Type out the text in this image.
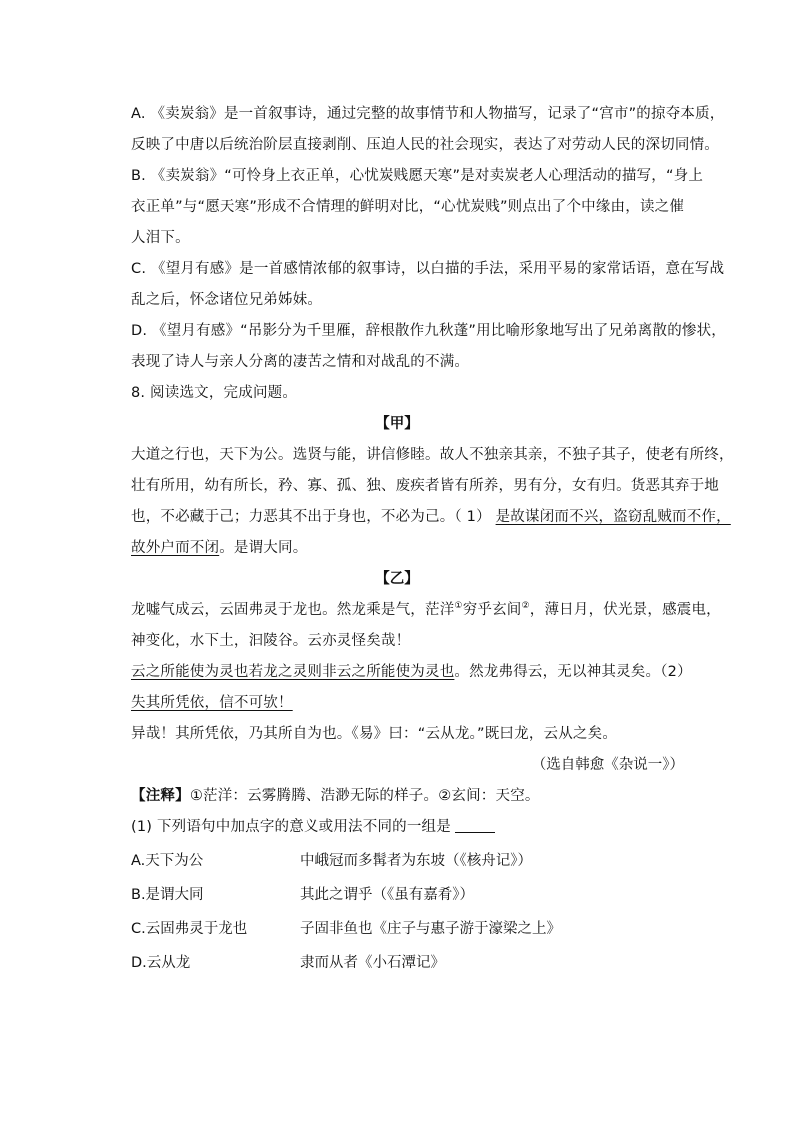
A. 《卖炭翁》是一首叙事诗，通过完整的故事情节和人物描写，记录了“宫市”的掠夺本质，
反映了中唐以后统治阶层直接剥削、压迫人民的社会现实，表达了对劳动人民的深切同情。
B. 《卖炭翁》“可怜身上衣正单，心忧炭贱愿天寒”是对卖炭老人心理活动的描写，“身上
衣正单”与“愿天寒”形成不合情理的鲜明对比，“心忧炭贱”则点出了个中缘由，读之催
人泪下。
C. 《望月有感》是一首感情浓郁的叙事诗，以白描的手法，采用平易的家常话语，意在写战
乱之后，怀念诸位兄弟姊妹。
D. 《望月有感》“吊影分为千里雁，辞根散作九秋蓬”用比喻形象地写出了兄弟离散的惨状，
表现了诗人与亲人分离的凄苦之情和对战乱的不满。
8. 阅读选文，完成问题。
【甲】
大道之行也，天下为公。选贤与能，讲信修睦。故人不独亲其亲，不独子其子，使老有所终，
壮有所用，幼有所长，矜、寡、孤、独、废疾者皆有所养，男有分，女有归。货恶其弃于地
也，不必藏于己；力恶其不出于身也，不必为己。（ 1） 是故谋闭而不兴，盗窃乱贼而不作，
故外户而不闭。是谓大同。
【乙】
龙嘘气成云，云固弗灵于龙也。然龙乘是气，茫洋①穷乎玄间②，薄日月，伏光景，感震电，
神变化，水下土，汩陵谷。云亦灵怪矣哉！
云之所能使为灵也若龙之灵则非云之所能使为灵也。然龙弗得云，无以神其灵矣。（2）
失其所凭依，信不可欤！
异哉！其所凭依，乃其所自为也。《易》曰：“云从龙。”既曰龙，云从之矣。
（选自韩愈《杂说一》）
【注释】①茫洋：云雾腾腾、浩渺无际的样子。②玄间：天空。
(1) 下列语句中加点字的意义或用法不同的一组是
A.天下为公	中峨冠而多髯者为东坡（《核舟记》）
B.是谓大同	其此之谓乎（《虽有嘉肴》）
C.云固弗灵于龙也	子固非鱼也《庄子与惠子游于濠梁之上》
D.云从龙	隶而从者《小石潭记》
